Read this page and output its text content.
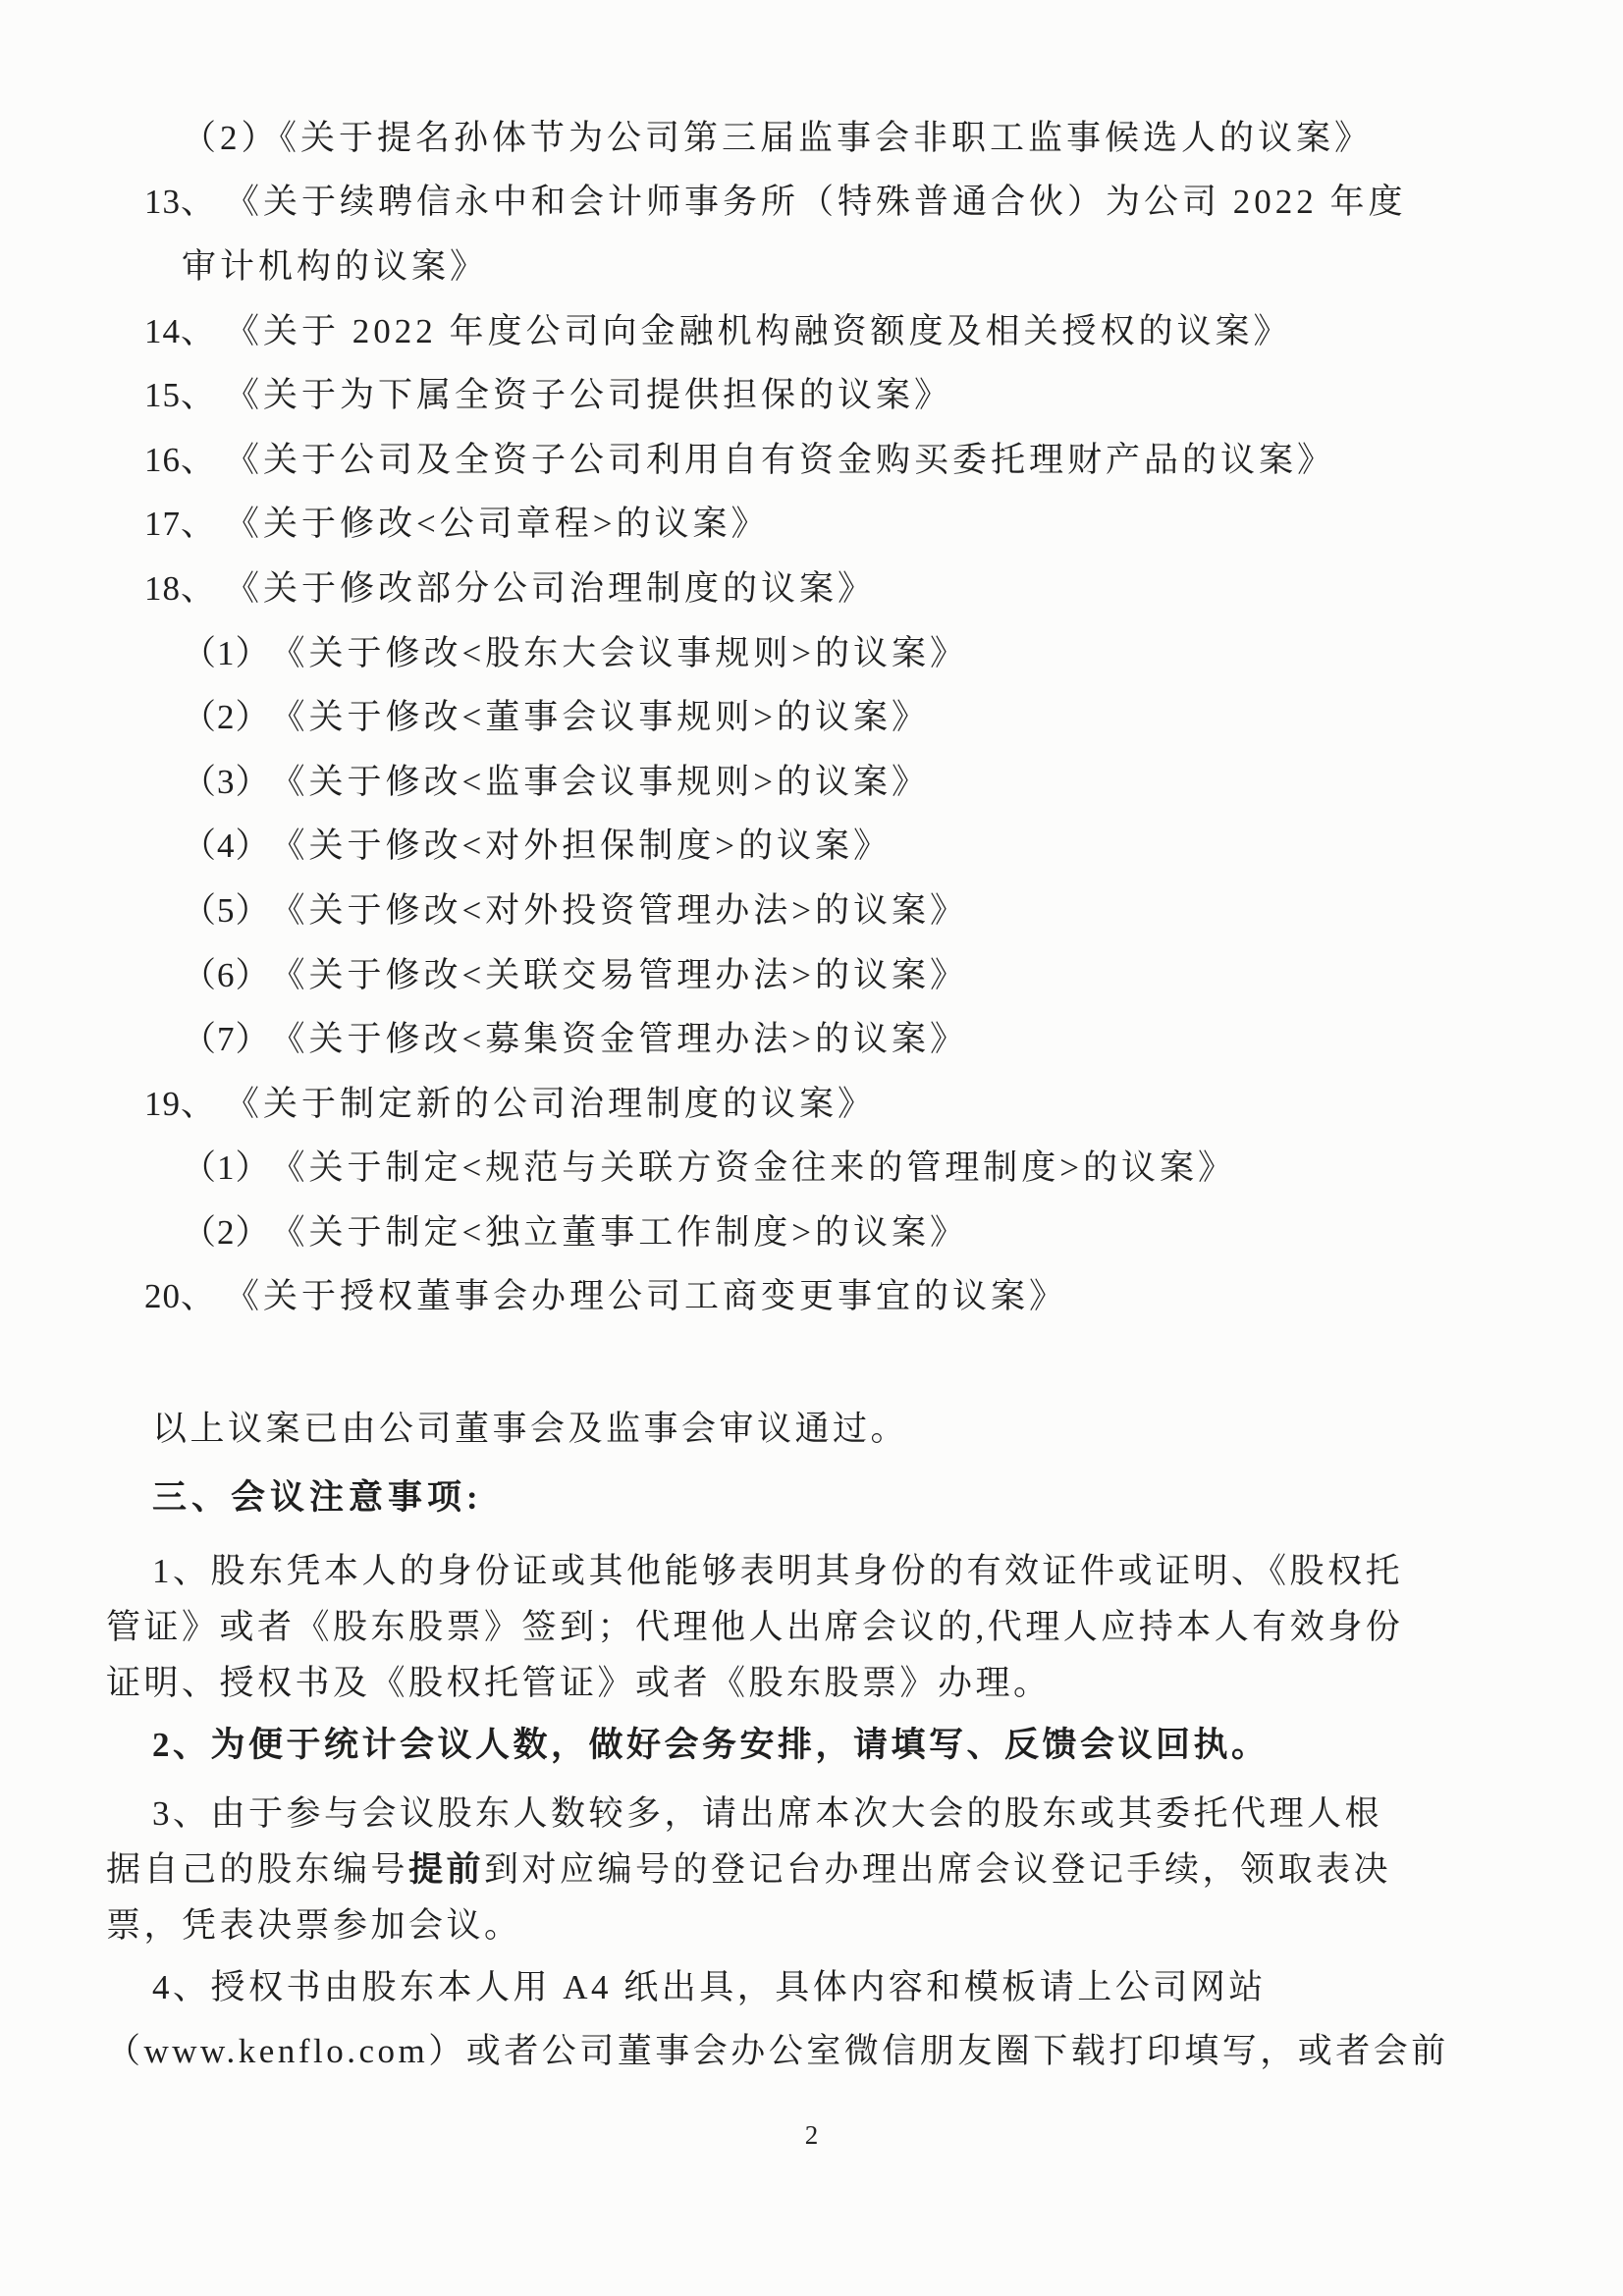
（2）《关于提名孙体节为公司第三届监事会非职工监事候选人的议案》
13、 《关于续聘信永中和会计师事务所（特殊普通合伙）为公司 2022 年度
审计机构的议案》
14、 《关于 2022 年度公司向金融机构融资额度及相关授权的议案》
15、 《关于为下属全资子公司提供担保的议案》
16、 《关于公司及全资子公司利用自有资金购买委托理财产品的议案》
17、 《关于修改<公司章程>的议案》
18、 《关于修改部分公司治理制度的议案》
（1） 《关于修改<股东大会议事规则>的议案》
（2） 《关于修改<董事会议事规则>的议案》
（3） 《关于修改<监事会议事规则>的议案》
（4） 《关于修改<对外担保制度>的议案》
（5） 《关于修改<对外投资管理办法>的议案》
（6） 《关于修改<关联交易管理办法>的议案》
（7） 《关于修改<募集资金管理办法>的议案》
19、 《关于制定新的公司治理制度的议案》
（1） 《关于制定<规范与关联方资金往来的管理制度>的议案》
（2） 《关于制定<独立董事工作制度>的议案》
20、 《关于授权董事会办理公司工商变更事宜的议案》
以上议案已由公司董事会及监事会审议通过。
三、会议注意事项:
1、股东凭本人的身份证或其他能够表明其身份的有效证件或证明、《股权托
管证》或者《股东股票》签到；代理他人出席会议的,代理人应持本人有效身份
证明、授权书及《股权托管证》或者《股东股票》办理。
2、为便于统计会议人数，做好会务安排，请填写、反馈会议回执。
3、由于参与会议股东人数较多，请出席本次大会的股东或其委托代理人根
据自己的股东编号 提前 到对应编号的登记台办理出席会议登记手续，领取表决
票，凭表决票参加会议。
4、授权书由股东本人用 A4 纸出具，具体内容和模板请上公司网站
（www.kenflo.com）或者公司董事会办公室微信朋友圈下载打印填写，或者会前
2
